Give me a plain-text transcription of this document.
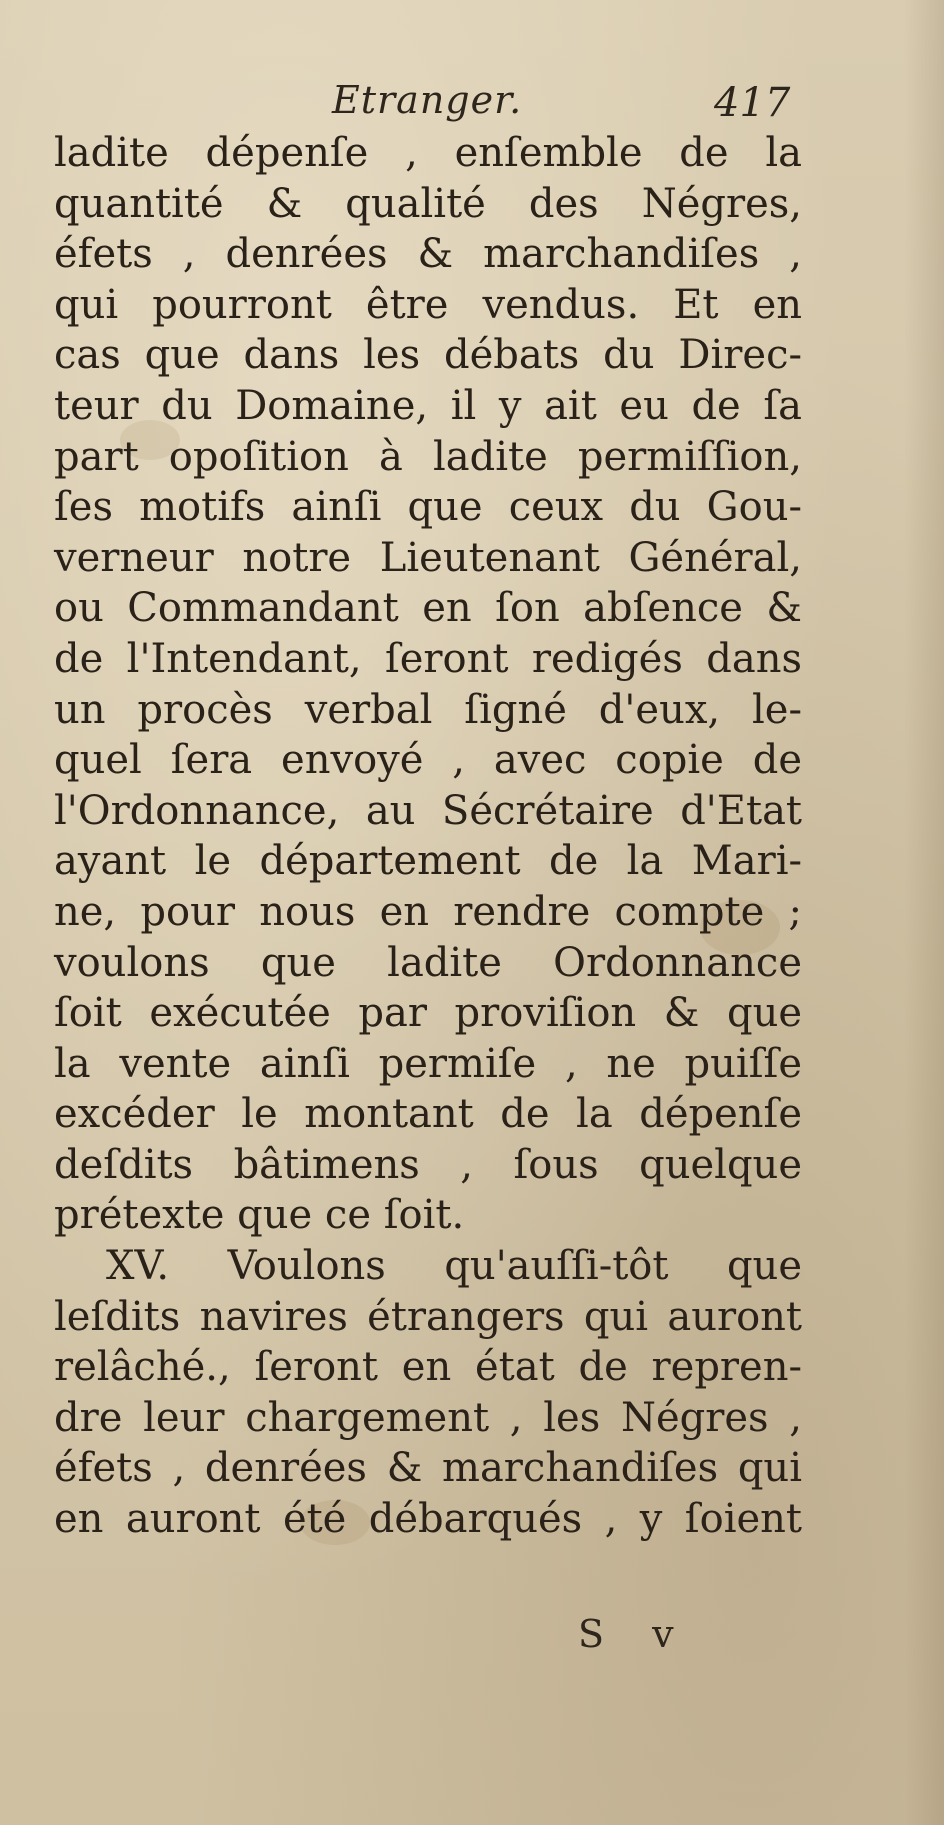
Etranger.	417
ladite dépenſe , enſemble de la
quantité & qualité des Négres,
éfets , denrées & marchandiſes ,
qui pourront être vendus. Et en
cas que dans les débats du Direc-
teur du Domaine, il y ait eu de ſa
part opoſition à ladite permiſſion,
ſes motifs ainſi que ceux du Gou-
verneur notre Lieutenant Général,
ou Commandant en ſon abſence &
de l'Intendant, ſeront redigés dans
un procès verbal ſigné d'eux, le-
quel ſera envoyé , avec copie de
l'Ordonnance, au Sécrétaire d'Etat
ayant le département de la Mari-
ne, pour nous en rendre compte ;
voulons que ladite Ordonnance
ſoit exécutée par proviſion & que
la vente ainſi permiſe , ne puiſſe
excéder le montant de la dépenſe
deſdits bâtimens , ſous quelque
prétexte que ce ſoit.
XV. Voulons qu'auſſi-tôt que
leſdits navires étrangers qui auront
relâché., ſeront en état de repren-
dre leur chargement , les Négres ,
éfets , denrées & marchandiſes qui
en auront été débarqués , y ſoient
S v
